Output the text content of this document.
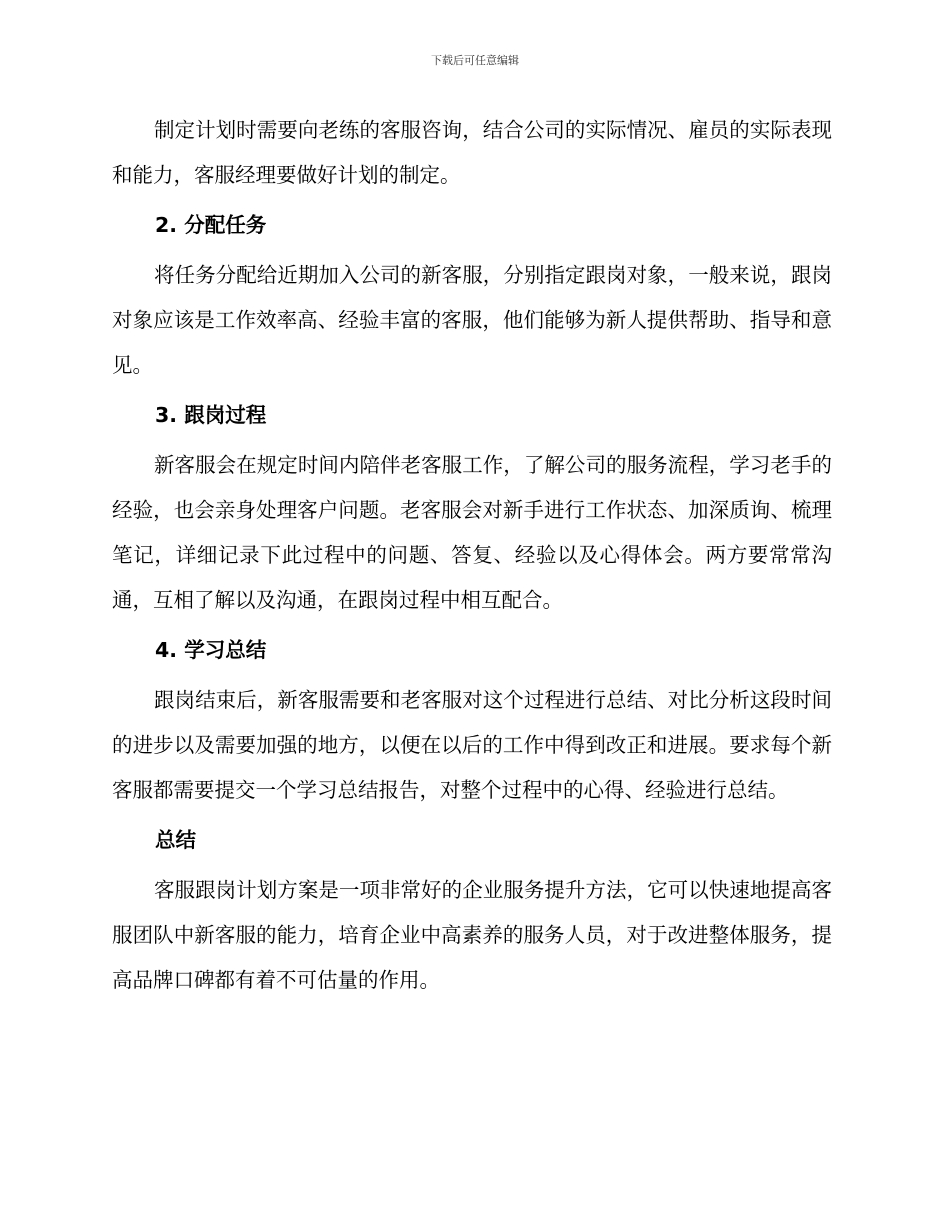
下载后可任意编辑

制定计划时需要向老练的客服咨询，结合公司的实际情况、雇员的实际表现和能力，客服经理要做好计划的制定。

2. 分配任务

将任务分配给近期加入公司的新客服，分别指定跟岗对象，一般来说，跟岗对象应该是工作效率高、经验丰富的客服，他们能够为新人提供帮助、指导和意见。

3. 跟岗过程

新客服会在规定时间内陪伴老客服工作，了解公司的服务流程，学习老手的经验，也会亲身处理客户问题。老客服会对新手进行工作状态、加深质询、梳理笔记，详细记录下此过程中的问题、答复、经验以及心得体会。两方要常常沟通，互相了解以及沟通，在跟岗过程中相互配合。

4. 学习总结

跟岗结束后，新客服需要和老客服对这个过程进行总结、对比分析这段时间的进步以及需要加强的地方，以便在以后的工作中得到改正和进展。要求每个新客服都需要提交一个学习总结报告，对整个过程中的心得、经验进行总结。

总结

客服跟岗计划方案是一项非常好的企业服务提升方法，它可以快速地提高客服团队中新客服的能力，培育企业中高素养的服务人员，对于改进整体服务，提高品牌口碑都有着不可估量的作用。
